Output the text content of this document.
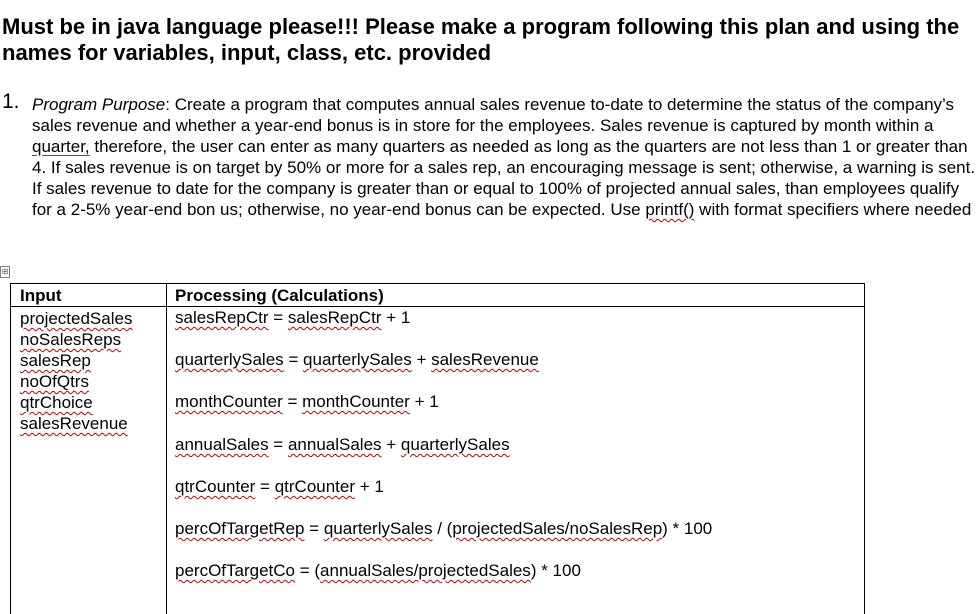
Must be in java language please!!! Please make a program following this plan and using the names for variables, input, class, etc. provided
1. Program Purpose: Create a program that computes annual sales revenue to-date to determine the status of the company’s sales revenue and whether a year-end bonus is in store for the employees. Sales revenue is captured by month within a quarter, therefore, the user can enter as many quarters as needed as long as the quarters are not less than 1 or greater than 4. If sales revenue is on target by 50% or more for a sales rep, an encouraging message is sent; otherwise, a warning is sent. If sales revenue to date for the company is greater than or equal to 100% of projected annual sales, than employees qualify for a 2-5% year-end bon us; otherwise, no year-end bonus can be expected. Use printf() with format specifiers where needed
⊞
Input	Processing (Calculations)
projectedSales
noSalesReps
salesRep
noOfQtrs
qtrChoice
salesRevenue
salesRepCtr = salesRepCtr + 1
quarterlySales = quarterlySales + salesRevenue
monthCounter = monthCounter + 1
annualSales = annualSales + quarterlySales
qtrCounter = qtrCounter + 1
percOfTargetRep = quarterlySales / (projectedSales/noSalesRep) * 100
percOfTargetCo = (annualSales/projectedSales) * 100
